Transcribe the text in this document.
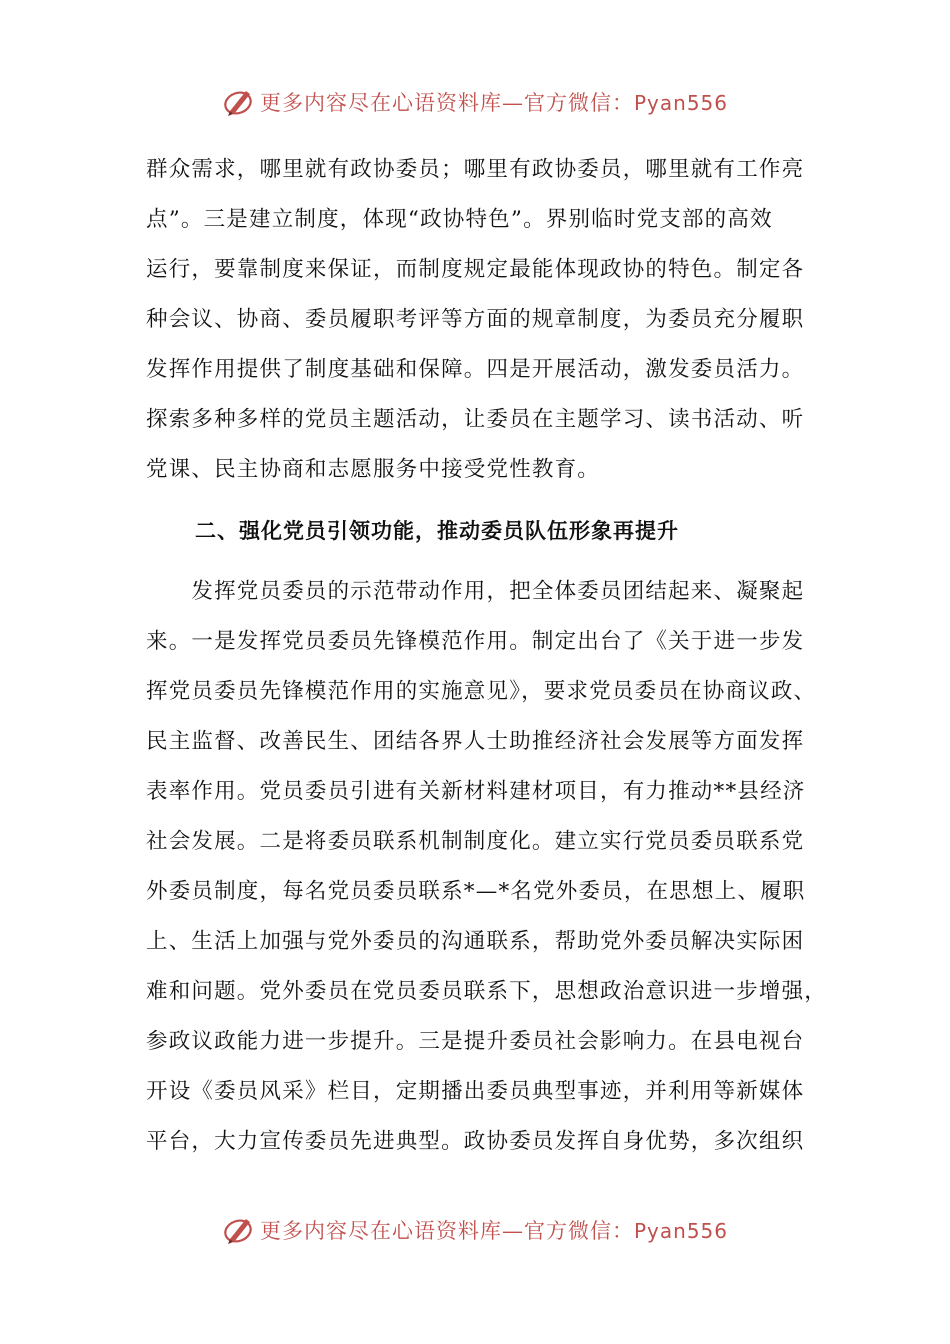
更多内容尽在心语资料库—官方微信：Pyan556
群众需求，哪里就有政协委员；哪里有政协委员，哪里就有工作亮
点”。三是建立制度，体现“政协特色”。界别临时党支部的高效
运行，要靠制度来保证，而制度规定最能体现政协的特色。制定各
种会议、协商、委员履职考评等方面的规章制度，为委员充分履职
发挥作用提供了制度基础和保障。四是开展活动，激发委员活力。
探索多种多样的党员主题活动，让委员在主题学习、读书活动、听
党课、民主协商和志愿服务中接受党性教育。
二、强化党员引领功能，推动委员队伍形象再提升
　　发挥党员委员的示范带动作用，把全体委员团结起来、凝聚起
来。一是发挥党员委员先锋模范作用。制定出台了《关于进一步发
挥党员委员先锋模范作用的实施意见》，要求党员委员在协商议政、
民主监督、改善民生、团结各界人士助推经济社会发展等方面发挥
表率作用。党员委员引进有关新材料建材项目，有力推动**县经济
社会发展。二是将委员联系机制制度化。建立实行党员委员联系党
外委员制度，每名党员委员联系*—*名党外委员，在思想上、履职
上、生活上加强与党外委员的沟通联系，帮助党外委员解决实际困
难和问题。党外委员在党员委员联系下，思想政治意识进一步增强，
参政议政能力进一步提升。三是提升委员社会影响力。在县电视台
开设《委员风采》栏目，定期播出委员典型事迹，并利用等新媒体
平台，大力宣传委员先进典型。政协委员发挥自身优势，多次组织
更多内容尽在心语资料库—官方微信：Pyan556
